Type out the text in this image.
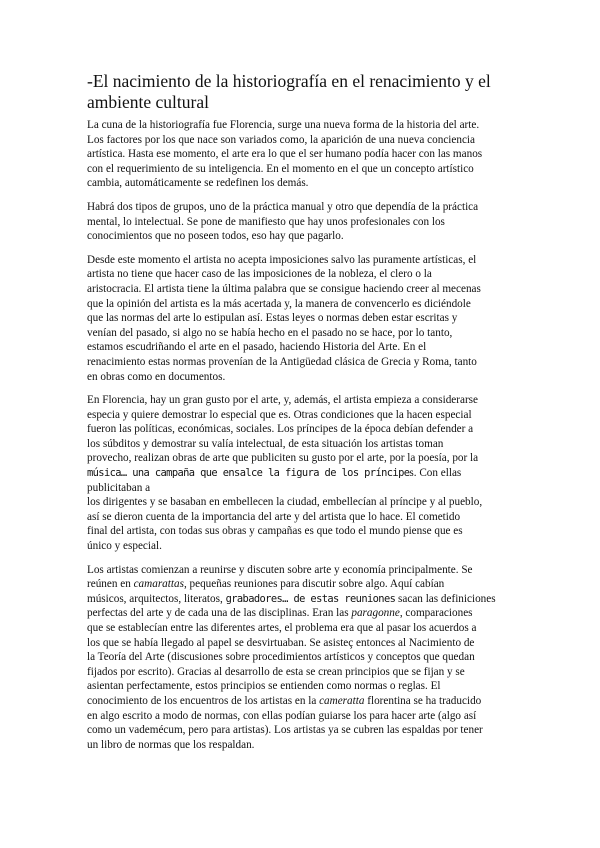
-El nacimiento de la historiografía en el renacimiento y el
ambiente cultural

La cuna de la historiografía fue Florencia, surge una nueva forma de la historia del arte.
Los factores por los que nace son variados como, la aparición de una nueva conciencia
artística. Hasta ese momento, el arte era lo que el ser humano podía hacer con las manos
con el requerimiento de su inteligencia. En el momento en el que un concepto artístico
cambia, automáticamente se redefinen los demás.

Habrá dos tipos de grupos, uno de la práctica manual y otro que dependía de la práctica
mental, lo intelectual. Se pone de manifiesto que hay unos profesionales con los
conocimientos que no poseen todos, eso hay que pagarlo.

Desde este momento el artista no acepta imposiciones salvo las puramente artísticas, el
artista no tiene que hacer caso de las imposiciones de la nobleza, el clero o la
aristocracia. El artista tiene la última palabra que se consigue haciendo creer al mecenas
que la opinión del artista es la más acertada y, la manera de convencerlo es diciéndole
que las normas del arte lo estipulan así. Estas leyes o normas deben estar escritas y
venían del pasado, si algo no se había hecho en el pasado no se hace, por lo tanto,
estamos escudriñando el arte en el pasado, haciendo Historia del Arte. En el
renacimiento estas normas provenían de la Antigüedad clásica de Grecia y Roma, tanto
en obras como en documentos.

En Florencia, hay un gran gusto por el arte, y, además, el artista empieza a considerarse
especia y quiere demostrar lo especial que es. Otras condiciones que la hacen especial
fueron las políticas, económicas, sociales. Los príncipes de la época debían defender a
los súbditos y demostrar su valía intelectual, de esta situación los artistas toman
provecho, realizan obras de arte que publiciten su gusto por el arte, por la poesía, por la
música… una campaña que ensalce la figura de los príncipes. Con ellas publicitaban a
los dirigentes y se basaban en embellecen la ciudad, embellecían al príncipe y al pueblo,
así se dieron cuenta de la importancia del arte y del artista que lo hace. El cometido
final del artista, con todas sus obras y campañas es que todo el mundo piense que es
único y especial.

Los artistas comienzan a reunirse y discuten sobre arte y economía principalmente. Se
reúnen en camarattas, pequeñas reuniones para discutir sobre algo. Aquí cabían
músicos, arquitectos, literatos, grabadores… de estas reuniones sacan las definiciones
perfectas del arte y de cada una de las disciplinas. Eran las paragonne, comparaciones
que se establecían entre las diferentes artes, el problema era que al pasar los acuerdos a
los que se había llegado al papel se desvirtuaban. Se asisteç entonces al Nacimiento de
la Teoría del Arte (discusiones sobre procedimientos artísticos y conceptos que quedan
fijados por escrito). Gracias al desarrollo de esta se crean principios que se fijan y se
asientan perfectamente, estos principios se entienden como normas o reglas. El
conocimiento de los encuentros de los artistas en la cameratta florentina se ha traducido
en algo escrito a modo de normas, con ellas podían guiarse los para hacer arte (algo así
como un vademécum, pero para artistas). Los artistas ya se cubren las espaldas por tener
un libro de normas que los respaldan.
